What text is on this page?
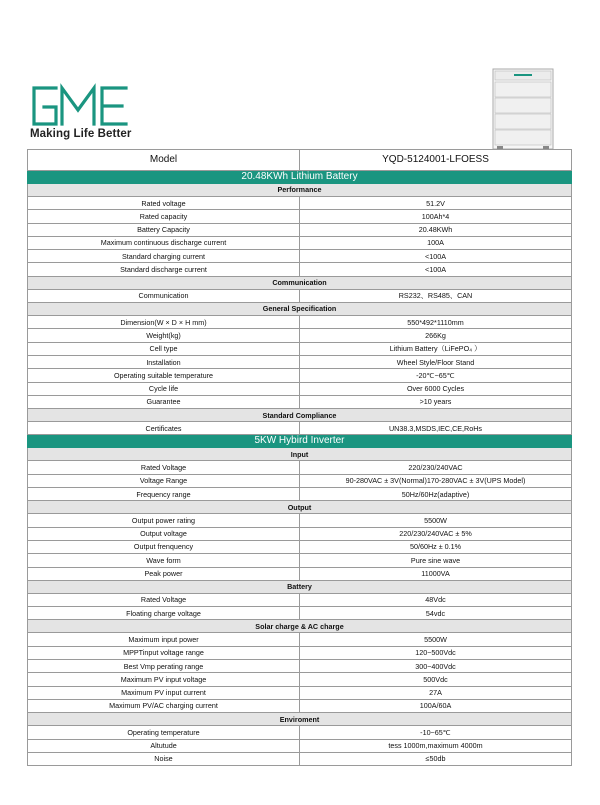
Making Life Better
Model	YQD-5124001-LFOESS
20.48KWh Lithium Battery	
Performance	
Rated voltage	51.2V
Rated capacity	100Ah*4
Battery Capacity	20.48KWh
Maximum continuous discharge current	100A
Standard charging current	<100A
Standard discharge current	<100A
Communication	
Communication	RS232、RS485、CAN
General Specification	
Dimension(W × D × H mm)	550*492*1110mm
Weight(kg)	266Kg
Cell type	Lithium Battery（LiFePO₄ ）
Installation	Wheel Style/Floor Stand
Operating suitable temperature	-20℃~65℃
Cycle life	Over 6000 Cycles
Guarantee	>10 years
Standard Compliance	
Certificates	UN38.3,MSDS,IEC,CE,RoHs
5KW Hybird Inverter	
Input	
Rated Voltage	220/230/240VAC
Voltage Range	90-280VAC ± 3V(Normal)170-280VAC ± 3V(UPS Model)
Frequency range	50Hz/60Hz(adaptive)
Output	
Output power rating	5500W
Output voltage	220/230/240VAC ± 5%
Output frenquency	50/60Hz ± 0.1%
Wave form	Pure sine wave
Peak power	11000VA
Battery	
Rated Voltage	48Vdc
Floating charge voltage	54vdc
Solar charge & AC charge	
Maximum input power	5500W
MPPTinput voltage range	120~500Vdc
Best Vmp perating range	300~400Vdc
Maximum PV input voltage	500Vdc
Maximum PV input current	27A
Maximum PV/AC charging current	100A/60A
Enviroment	
Operating temperature	-10~65℃
Altutude	tess 1000m,maximum 4000m
Noise	≤50db
